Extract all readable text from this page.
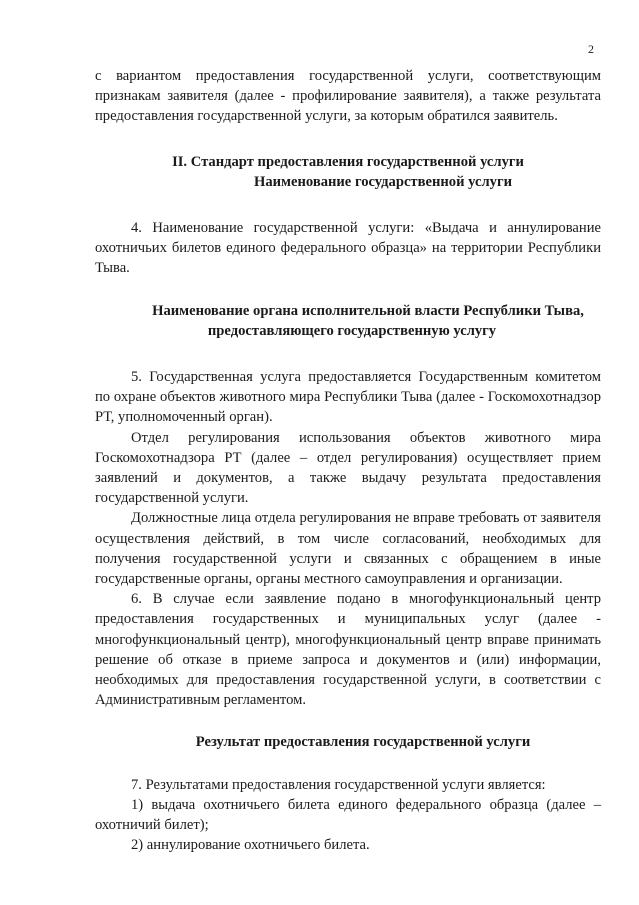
2

с вариантом предоставления государственной услуги, соответствующим признакам заявителя (далее - профилирование заявителя), а также результата предоставления государственной услуги, за которым обратился заявитель.

II. Стандарт предоставления государственной услуги

Наименование государственной услуги

4. Наименование государственной услуги: «Выдача и аннулирование охотничьих билетов единого федерального образца» на территории Республики Тыва.

Наименование органа исполнительной власти Республики Тыва,

предоставляющего государственную услугу

5. Государственная услуга предоставляется Государственным комитетом по охране объектов животного мира Республики Тыва (далее - Госкомохотнадзор РТ, уполномоченный орган).

Отдел регулирования использования объектов животного мира Госкомохотнадзора РТ (далее – отдел регулирования) осуществляет прием заявлений и документов, а также выдачу результата предоставления государственной услуги.

Должностные лица отдела регулирования не вправе требовать от заявителя осуществления действий, в том числе согласований, необходимых для получения государственной услуги и связанных с обращением в иные государственные органы, органы местного самоуправления и организации.

6. В случае если заявление подано в многофункциональный центр предоставления государственных и муниципальных услуг (далее - многофункциональный центр), многофункциональный центр вправе принимать решение об отказе в приеме запроса и документов и (или) информации, необходимых для предоставления государственной услуги, в соответствии с Административным регламентом.

Результат предоставления государственной услуги

7. Результатами предоставления государственной услуги является:

1) выдача охотничьего билета единого федерального образца (далее – охотничий билет);

2) аннулирование охотничьего билета.
